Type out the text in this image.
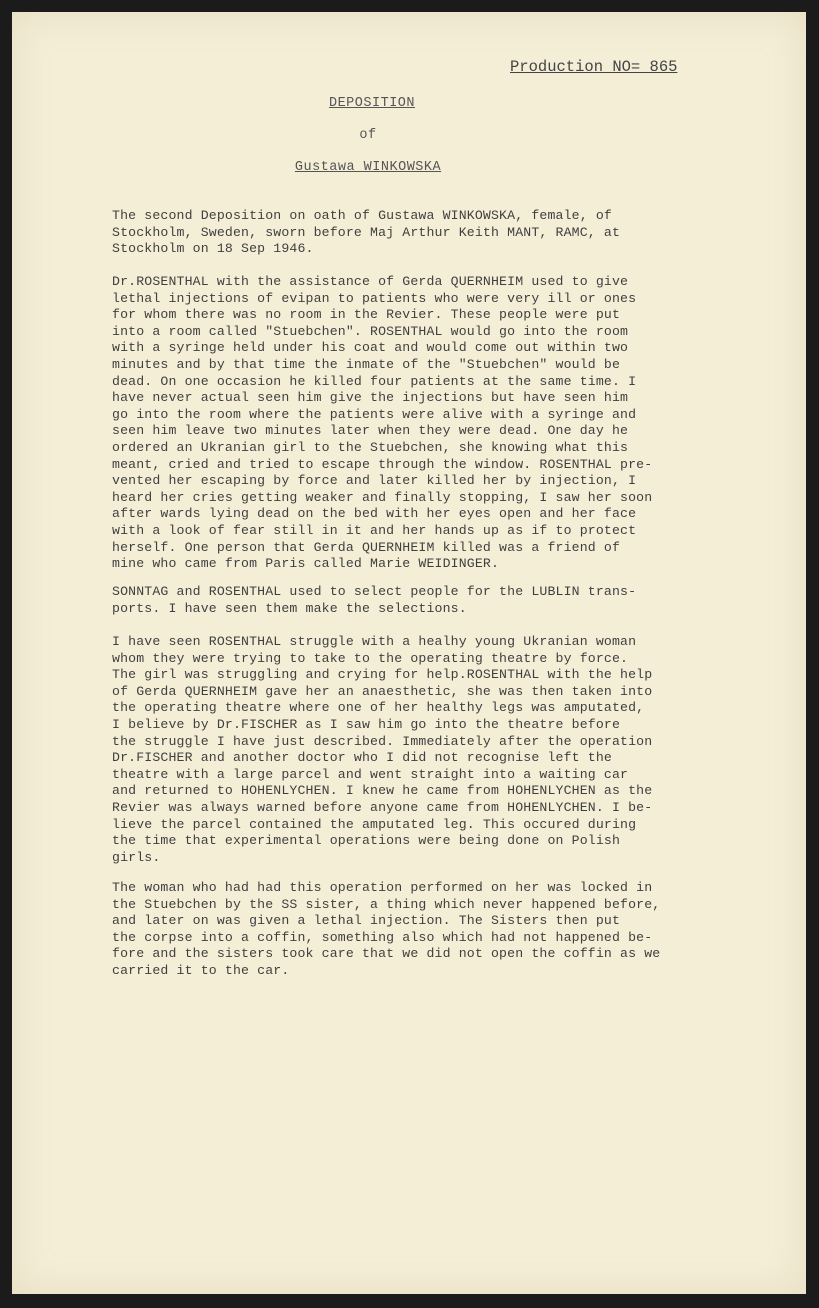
Production NO= 865
DEPOSITION
of
Gustawa WINKOWSKA
The second Deposition on oath of Gustawa WINKOWSKA, female, of
Stockholm, Sweden, sworn before Maj Arthur Keith MANT, RAMC, at
Stockholm on 18 Sep 1946.
Dr.ROSENTHAL with the assistance of Gerda QUERNHEIM used to give
lethal injections of evipan to patients who were very ill or ones
for whom there was no room in the Revier. These people were put
into a room called "Stuebchen". ROSENTHAL would go into the room
with a syringe held under his coat and would come out within two
minutes and by that time the inmate of the "Stuebchen" would be
dead. On one occasion he killed four patients at the same time. I
have never actual seen him give the injections but have seen him
go into the room where the patients were alive with a syringe and
seen him leave two minutes later when they were dead. One day he
ordered an Ukranian girl to the Stuebchen, she knowing what this
meant, cried and tried to escape through the window. ROSENTHAL pre-
vented her escaping by force and later killed her by injection, I
heard her cries getting weaker and finally stopping, I saw her soon
after wards lying dead on the bed with her eyes open and her face
with a look of fear still in it and her hands up as if to protect
herself. One person that Gerda QUERNHEIM killed was a friend of
mine who came from Paris called Marie WEIDINGER.
SONNTAG and ROSENTHAL used to select people for the LUBLIN trans-
ports. I have seen them make the selections.
I have seen ROSENTHAL struggle with a healhy young Ukranian woman
whom they were trying to take to the operating theatre by force.
The girl was struggling and crying for help.ROSENTHAL with the help
of Gerda QUERNHEIM gave her an anaesthetic, she was then taken into
the operating theatre where one of her healthy legs was amputated,
I believe by Dr.FISCHER as I saw him go into the theatre before
the struggle I have just described. Immediately after the operation
Dr.FISCHER and another doctor who I did not recognise left the
theatre with a large parcel and went straight into a waiting car
and returned to HOHENLYCHEN. I knew he came from HOHENLYCHEN as the
Revier was always warned before anyone came from HOHENLYCHEN. I be-
lieve the parcel contained the amputated leg. This occured during
the time that experimental operations were being done on Polish
girls.
The woman who had had this operation performed on her was locked in
the Stuebchen by the SS sister, a thing which never happened before,
and later on was given a lethal injection. The Sisters then put
the corpse into a coffin, something also which had not happened be-
fore and the sisters took care that we did not open the coffin as we
carried it to the car.
